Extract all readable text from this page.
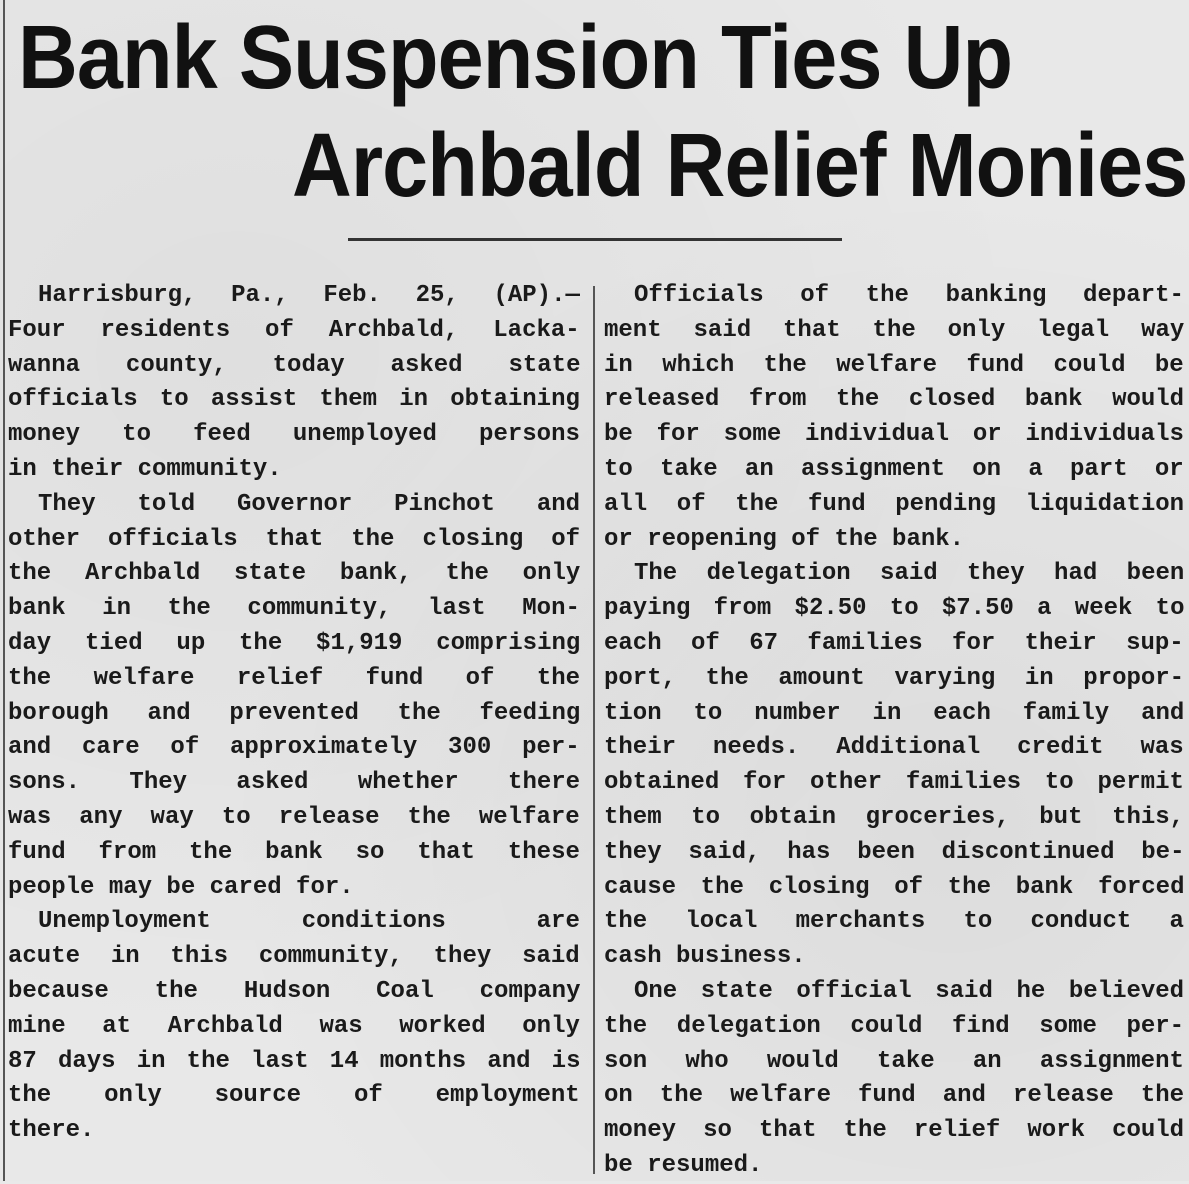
Bank Suspension Ties Up
Archbald Relief Monies
Harrisburg, Pa., Feb. 25, (AP).—
Four residents of Archbald, Lacka-
wanna county, today asked state
officials to assist them in obtaining
money to feed unemployed persons
in their community.
They told Governor Pinchot and
other officials that the closing of
the Archbald state bank, the only
bank in the community, last Mon-
day tied up the $1,919 comprising
the welfare relief fund of the
borough and prevented the feeding
and care of approximately 300 per-
sons. They asked whether there
was any way to release the welfare
fund from the bank so that these
people may be cared for.
Unemployment conditions are
acute in this community, they said
because the Hudson Coal company
mine at Archbald was worked only
87 days in the last 14 months and is
the only source of employment
there.
Officials of the banking depart-
ment said that the only legal way
in which the welfare fund could be
released from the closed bank would
be for some individual or individuals
to take an assignment on a part or
all of the fund pending liquidation
or reopening of the bank.
The delegation said they had been
paying from $2.50 to $7.50 a week to
each of 67 families for their sup-
port, the amount varying in propor-
tion to number in each family and
their needs. Additional credit was
obtained for other families to permit
them to obtain groceries, but this,
they said, has been discontinued be-
cause the closing of the bank forced
the local merchants to conduct a
cash business.
One state official said he believed
the delegation could find some per-
son who would take an assignment
on the welfare fund and release the
money so that the relief work could
be resumed.
